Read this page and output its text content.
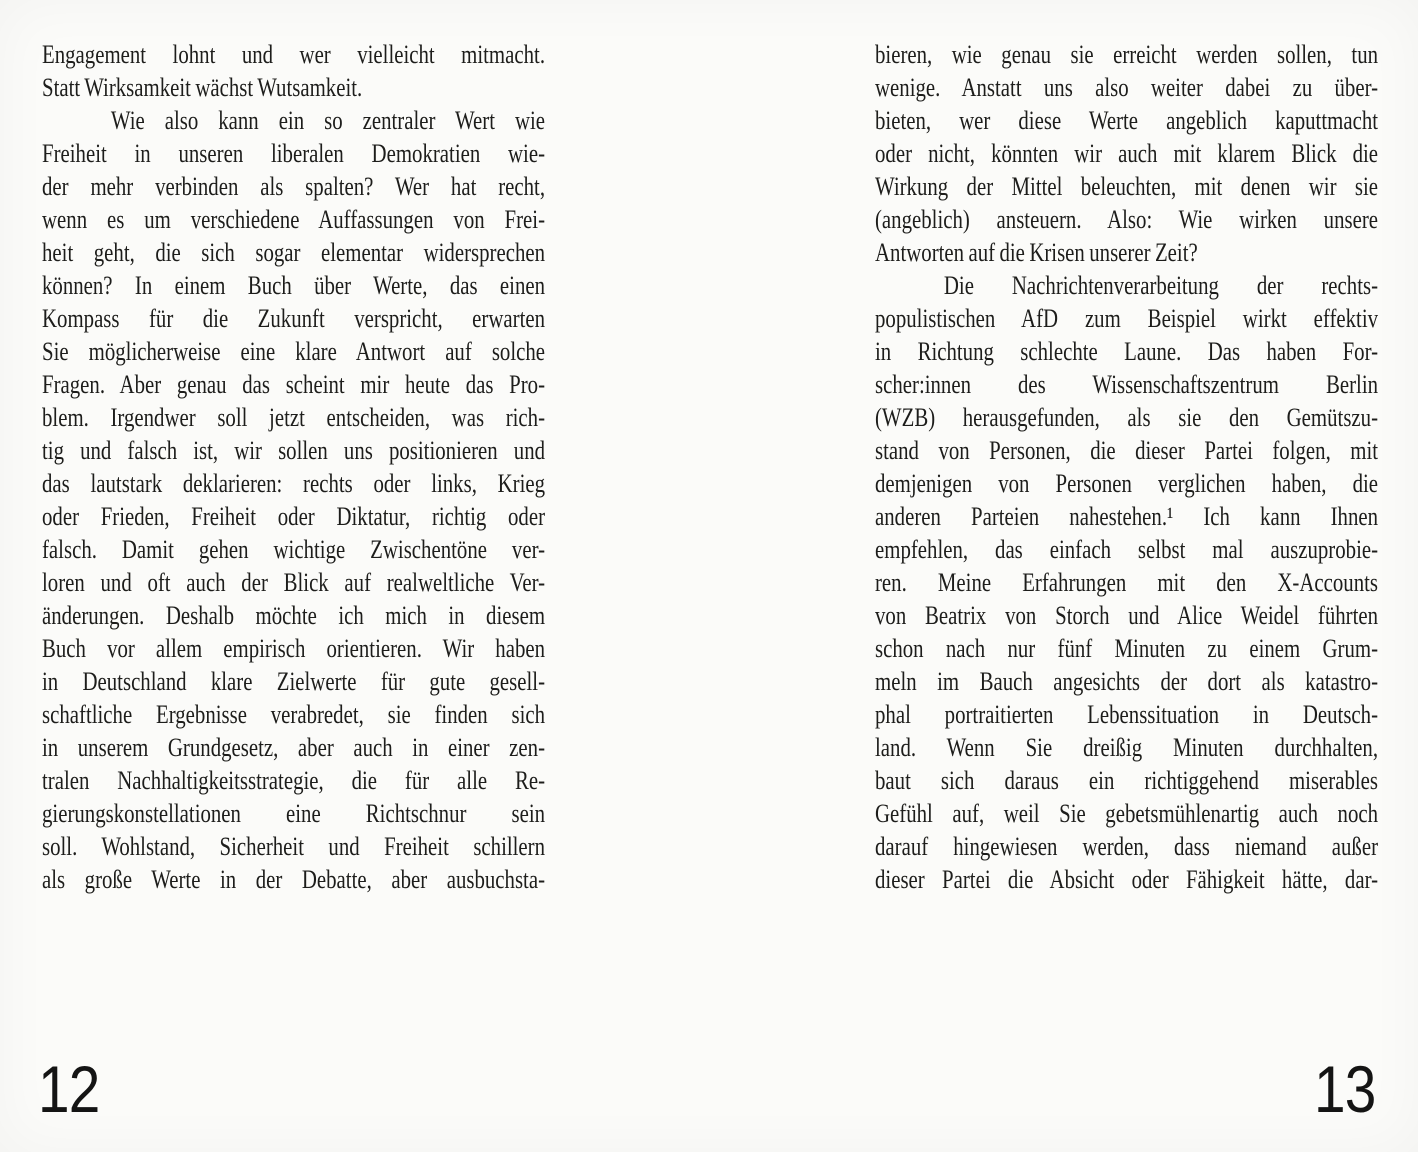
Engagement lohnt und wer vielleicht mitmacht.
Statt Wirksamkeit wächst Wutsamkeit.
Wie also kann ein so zentraler Wert wie
Freiheit in unseren liberalen Demokratien wie-
der mehr verbinden als spalten? Wer hat recht,
wenn es um verschiedene Auffassungen von Frei-
heit geht, die sich sogar elementar widersprechen
können? In einem Buch über Werte, das einen
Kompass für die Zukunft verspricht, erwarten
Sie möglicherweise eine klare Antwort auf solche
Fragen. Aber genau das scheint mir heute das Pro-
blem. Irgendwer soll jetzt entscheiden, was rich-
tig und falsch ist, wir sollen uns positionieren und
das lautstark deklarieren: rechts oder links, Krieg
oder Frieden, Freiheit oder Diktatur, richtig oder
falsch. Damit gehen wichtige Zwischentöne ver-
loren und oft auch der Blick auf realweltliche Ver-
änderungen. Deshalb möchte ich mich in diesem
Buch vor allem empirisch orientieren. Wir haben
in Deutschland klare Zielwerte für gute gesell-
schaftliche Ergebnisse verabredet, sie finden sich
in unserem Grundgesetz, aber auch in einer zen-
tralen Nachhaltigkeitsstrategie, die für alle Re-
gierungskonstellationen eine Richtschnur sein
soll. Wohlstand, Sicherheit und Freiheit schillern
als große Werte in der Debatte, aber ausbuchsta-
12
bieren, wie genau sie erreicht werden sollen, tun
wenige. Anstatt uns also weiter dabei zu über-
bieten, wer diese Werte angeblich kaputtmacht
oder nicht, könnten wir auch mit klarem Blick die
Wirkung der Mittel beleuchten, mit denen wir sie
(angeblich) ansteuern. Also: Wie wirken unsere
Antworten auf die Krisen unserer Zeit?
Die Nachrichtenverarbeitung der rechts-
populistischen AfD zum Beispiel wirkt effektiv
in Richtung schlechte Laune. Das haben For-
scher:innen des Wissenschaftszentrum Berlin
(WZB) herausgefunden, als sie den Gemütszu-
stand von Personen, die dieser Partei folgen, mit
demjenigen von Personen verglichen haben, die
anderen Parteien nahestehen.¹ Ich kann Ihnen
empfehlen, das einfach selbst mal auszuprobie-
ren. Meine Erfahrungen mit den X-Accounts
von Beatrix von Storch und Alice Weidel führten
schon nach nur fünf Minuten zu einem Grum-
meln im Bauch angesichts der dort als katastro-
phal portraitierten Lebenssituation in Deutsch-
land. Wenn Sie dreißig Minuten durchhalten,
baut sich daraus ein richtiggehend miserables
Gefühl auf, weil Sie gebetsmühlenartig auch noch
darauf hingewiesen werden, dass niemand außer
dieser Partei die Absicht oder Fähigkeit hätte, dar-
13
